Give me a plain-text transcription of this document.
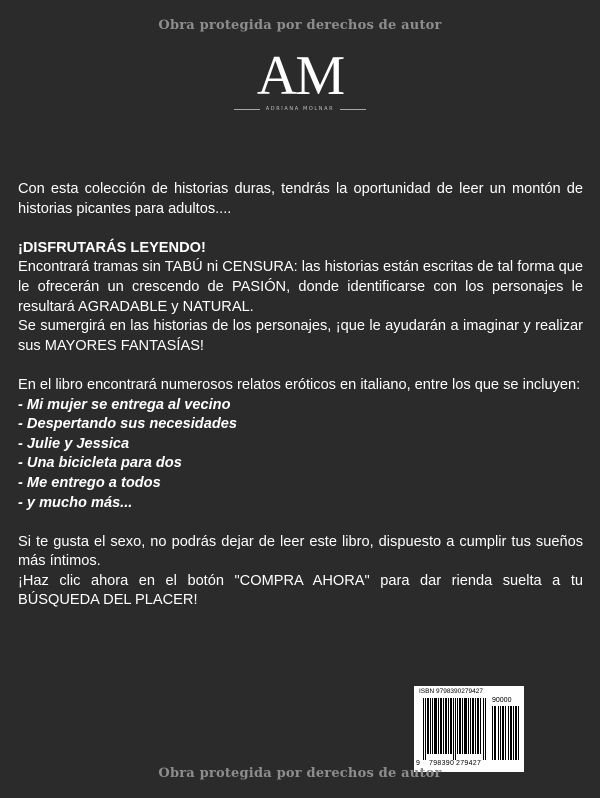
Obra protegida por derechos de autor
AM
ADRIANA MOLNAR

Con esta colección de historias duras, tendrás la oportunidad de leer un montón de historias picantes para adultos....

¡DISFRUTARÁS LEYENDO!

Encontrará tramas sin TABÚ ni CENSURA: las historias están escritas de tal forma que le ofrecerán un crescendo de PASIÓN, donde identificarse con los personajes le resultará AGRADABLE y NATURAL.

Se sumergirá en las historias de los personajes, ¡que le ayudarán a imaginar y realizar sus MAYORES FANTASÍAS!

En el libro encontrará numerosos relatos eróticos en italiano, entre los que se incluyen:

- Mi mujer se entrega al vecino

- Despertando sus necesidades

- Julie y Jessica

- Una bicicleta para dos

- Me entrego a todos

- y mucho más...

Si te gusta el sexo, no podrás dejar de leer este libro, dispuesto a cumplir tus sueños más íntimos.

¡Haz clic ahora en el botón "COMPRA AHORA" para dar rienda suelta a tu BÚSQUEDA DEL PLACER!

ISBN 9798390279427
90000
9 798390 279427
Obra protegida por derechos de autor
